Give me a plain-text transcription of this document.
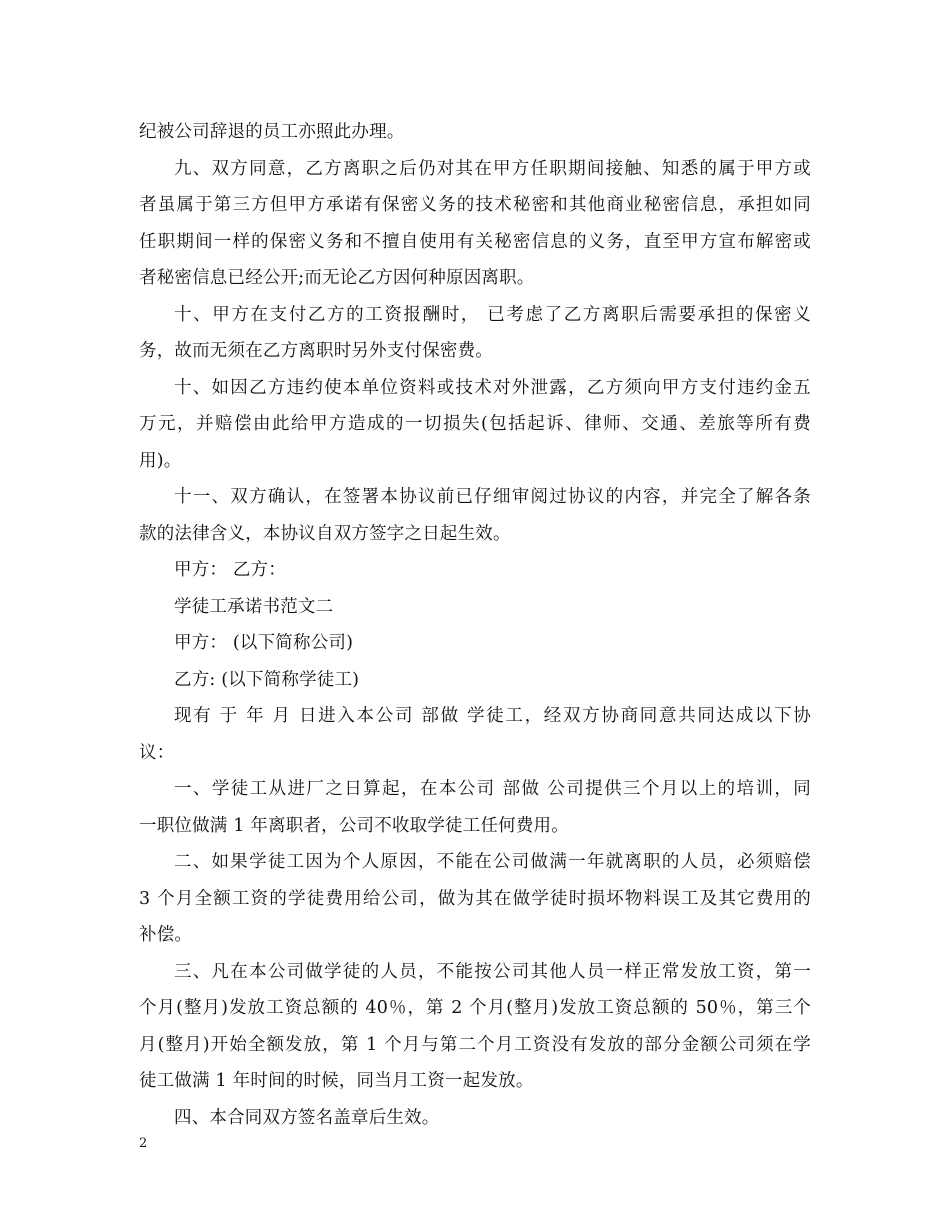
纪被公司辞退的员工亦照此办理。
九、双方同意，乙方离职之后仍对其在甲方任职期间接触、知悉的属于甲方或
者虽属于第三方但甲方承诺有保密义务的技术秘密和其他商业秘密信息，承担如同
任职期间一样的保密义务和不擅自使用有关秘密信息的义务，直至甲方宣布解密或
者秘密信息已经公开;而无论乙方因何种原因离职。
十、甲方在支付乙方的工资报酬时， 已考虑了乙方离职后需要承担的保密义
务，故而无须在乙方离职时另外支付保密费。
十、如因乙方违约使本单位资料或技术对外泄露，乙方须向甲方支付违约金五
万元，并赔偿由此给甲方造成的一切损失(包括起诉、律师、交通、差旅等所有费
用)。
十一、双方确认，在签署本协议前已仔细审阅过协议的内容，并完全了解各条
款的法律含义，本协议自双方签字之日起生效。
甲方： 乙方：
学徒工承诺书范文二
甲方： (以下简称公司)
乙方: (以下简称学徒工)
现有 于 年 月 日进入本公司 部做 学徒工，经双方协商同意共同达成以下协
议：
一、学徒工从进厂之日算起，在本公司 部做 公司提供三个月以上的培训，同
一职位做满 1 年离职者，公司不收取学徒工任何费用。
二、如果学徒工因为个人原因，不能在公司做满一年就离职的人员，必须赔偿
3 个月全额工资的学徒费用给公司，做为其在做学徒时损坏物料误工及其它费用的
补偿。
三、凡在本公司做学徒的人员，不能按公司其他人员一样正常发放工资，第一
个月(整月)发放工资总额的 40％，第 2 个月(整月)发放工资总额的 50％，第三个
月(整月)开始全额发放，第 1 个月与第二个月工资没有发放的部分金额公司须在学
徒工做满 1 年时间的时候，同当月工资一起发放。
四、本合同双方签名盖章后生效。
2
